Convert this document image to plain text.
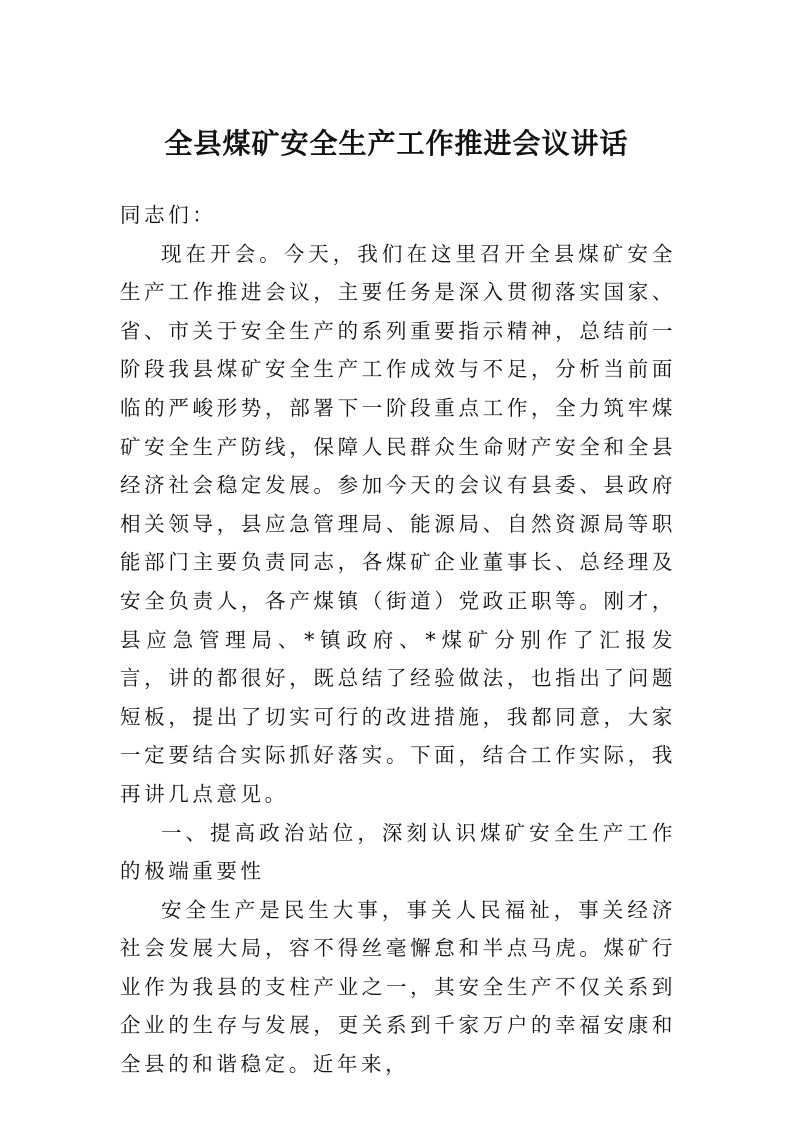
全县煤矿安全生产工作推进会议讲话

同志们：

现在开会。今天，我们在这里召开全县煤矿安全生产工作推进会议，主要任务是深入贯彻落实国家、省、市关于安全生产的系列重要指示精神，总结前一阶段我县煤矿安全生产工作成效与不足，分析当前面临的严峻形势，部署下一阶段重点工作，全力筑牢煤矿安全生产防线，保障人民群众生命财产安全和全县经济社会稳定发展。参加今天的会议有县委、县政府相关领导，县应急管理局、能源局、自然资源局等职能部门主要负责同志，各煤矿企业董事长、总经理及安全负责人，各产煤镇（街道）党政正职等。刚才，县应急管理局、*镇政府、*煤矿分别作了汇报发言，讲的都很好，既总结了经验做法，也指出了问题短板，提出了切实可行的改进措施，我都同意，大家一定要结合实际抓好落实。下面，结合工作实际，我再讲几点意见。

一、提高政治站位，深刻认识煤矿安全生产工作的极端重要性

安全生产是民生大事，事关人民福祉，事关经济社会发展大局，容不得丝毫懈怠和半点马虎。煤矿行业作为我县的支柱产业之一，其安全生产不仅关系到企业的生存与发展，更关系到千家万户的幸福安康和全县的和谐稳定。近年来，
